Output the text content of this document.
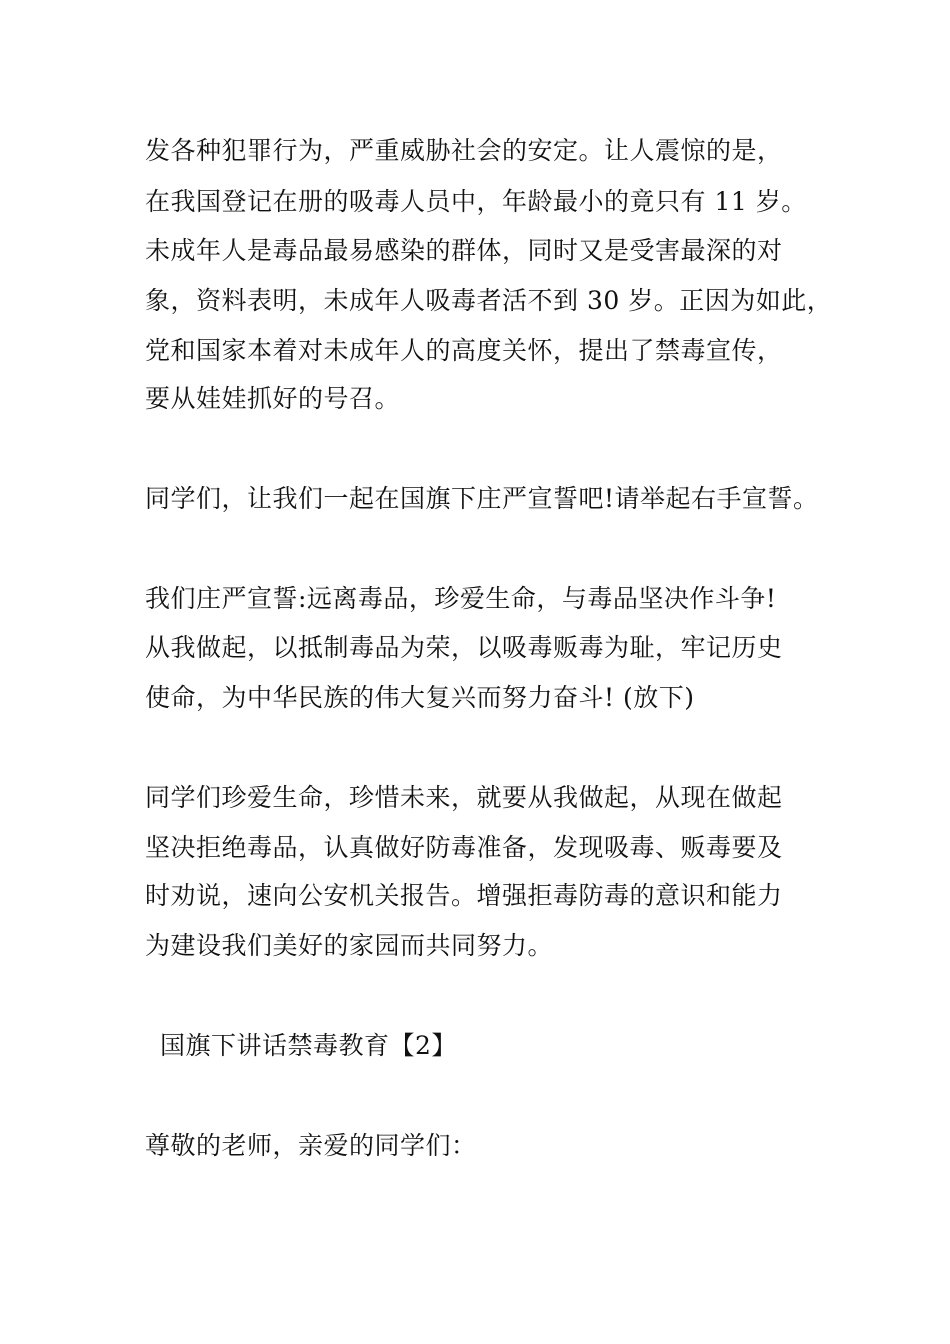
发各种犯罪行为，严重威胁社会的安定。让人震惊的是，
在我国登记在册的吸毒人员中，年龄最小的竟只有 11 岁。
未成年人是毒品最易感染的群体，同时又是受害最深的对
象，资料表明，未成年人吸毒者活不到 30 岁。正因为如此，
党和国家本着对未成年人的高度关怀，提出了禁毒宣传，
要从娃娃抓好的号召。
同学们，让我们一起在国旗下庄严宣誓吧!请举起右手宣誓。
我们庄严宣誓:远离毒品，珍爱生命，与毒品坚决作斗争!
从我做起，以抵制毒品为荣，以吸毒贩毒为耻，牢记历史
使命，为中华民族的伟大复兴而努力奋斗! (放下)
同学们珍爱生命，珍惜未来，就要从我做起，从现在做起
坚决拒绝毒品，认真做好防毒准备，发现吸毒、贩毒要及
时劝说，速向公安机关报告。增强拒毒防毒的意识和能力
为建设我们美好的家园而共同努力。
国旗下讲话禁毒教育【2】
尊敬的老师，亲爱的同学们：
